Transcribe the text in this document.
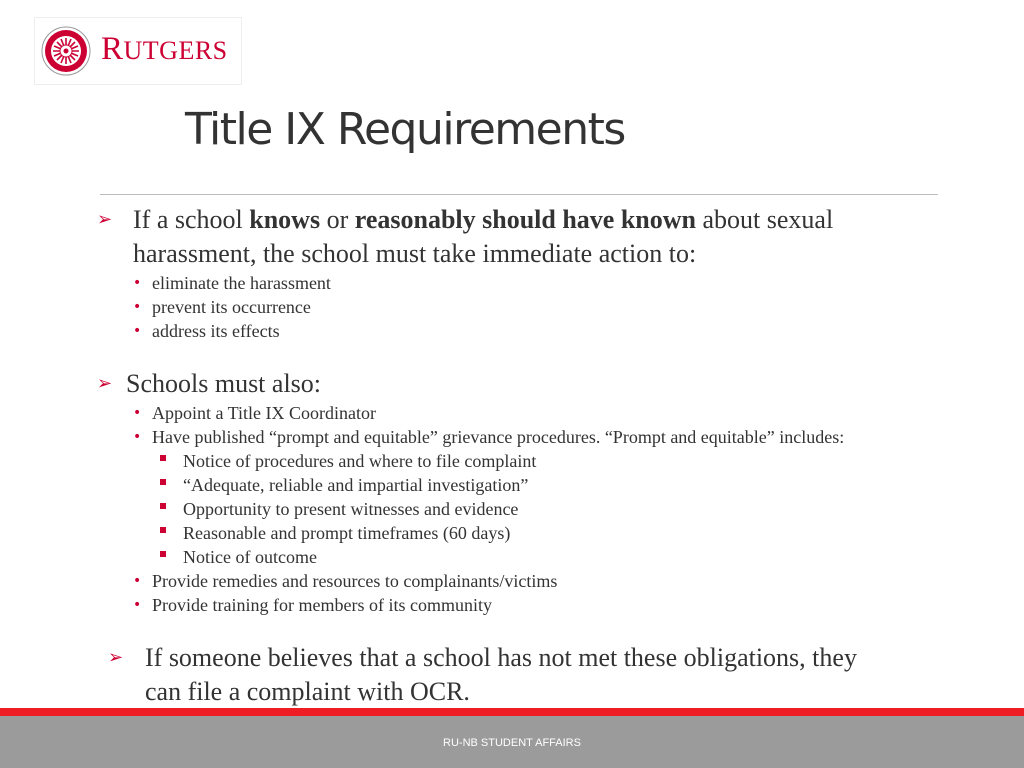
RUTGERS
Title IX Requirements
➢ If a school knows or reasonably should have known about sexual
harassment, the school must take immediate action to:
• eliminate the harassment
• prevent its occurrence
• address its effects
➢ Schools must also:
• Appoint a Title IX Coordinator
• Have published “prompt and equitable” grievance procedures. “Prompt and equitable” includes:
Notice of procedures and where to file complaint
“Adequate, reliable and impartial investigation”
Opportunity to present witnesses and evidence
Reasonable and prompt timeframes (60 days)
Notice of outcome
• Provide remedies and resources to complainants/victims
• Provide training for members of its community
➢ If someone believes that a school has not met these obligations, they
can file a complaint with OCR.
RU-NB STUDENT AFFAIRS
